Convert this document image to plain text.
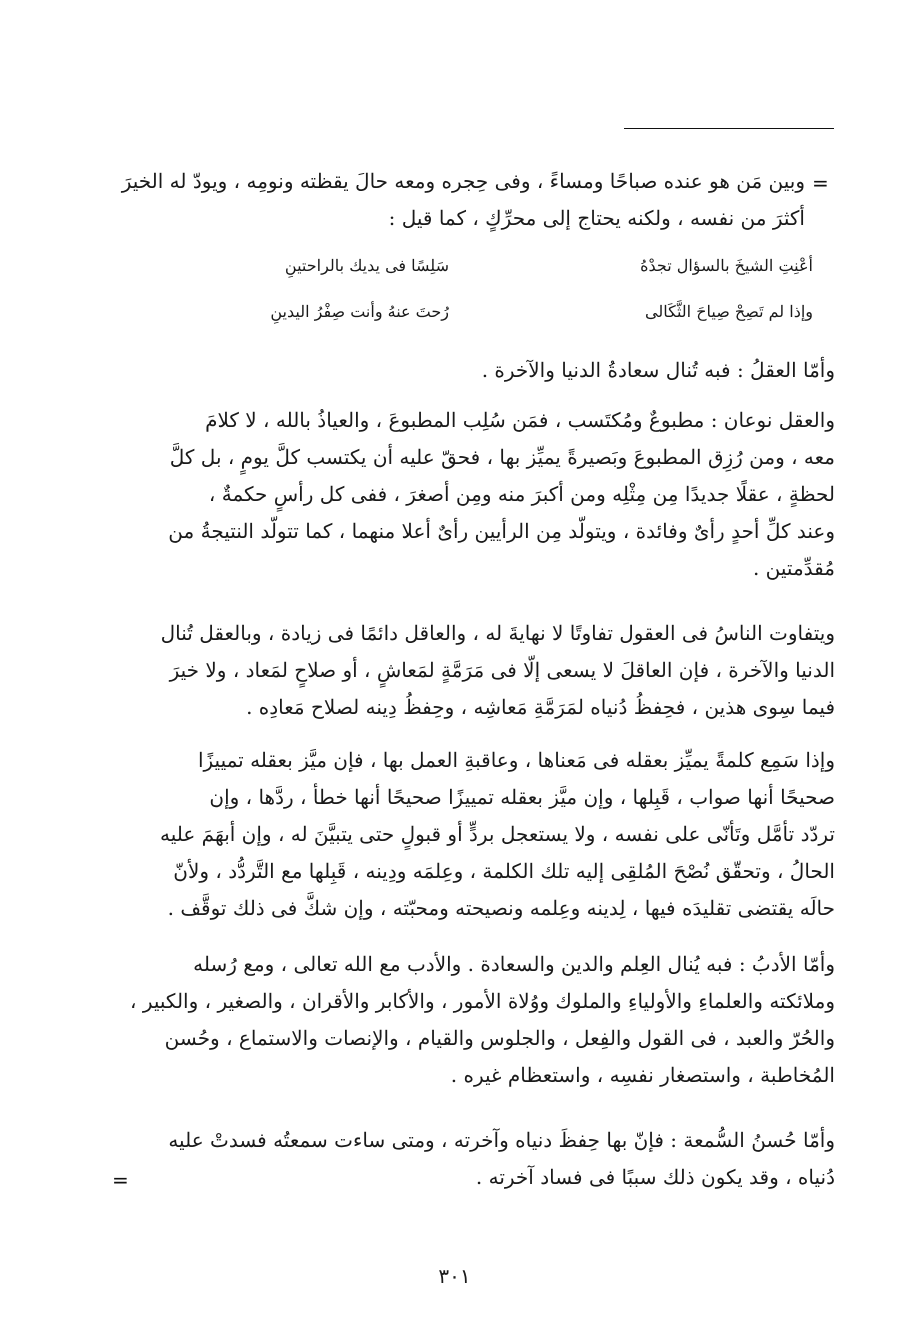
=
وبين مَن هو عنده صباحًا ومساءً ، وفى حِجره ومعه حالَ يقظته ونومِه ، ويودّ له الخيرَ
أكثرَ من نفسه ، ولكنه يحتاج إلى محرِّكٍ ، كما قيل :
أعْنِتِ الشيخَ بالسؤال تجدْهُ
سَلِسًا فى يديك بالراحتينِ
وإذا لم تَصِحْ صِياحَ الثَّكَالى
رُحتَ عنهُ وأنت صِفْرُ اليدينِ
وأمّا العقلُ : فبه تُنال سعادةُ الدنيا والآخرة .
والعقل نوعان : مطبوعٌ ومُكتَسب ، فمَن سُلِب المطبوعَ ، والعياذُ بالله ، لا كلامَ
معه ، ومن رُزِق المطبوعَ وبَصيرةً يميِّز بها ، فحقّ عليه أن يكتسب كلَّ يومٍ ، بل كلَّ
لحظةٍ ، عقلًا جديدًا مِن مِثْلِه ومن أكبرَ منه ومِن أصغرَ ، ففى كل رأسٍ حكمةٌ ،
وعند كلِّ أحدٍ رأىٌ وفائدة ، ويتولّد مِن الرأيين رأىٌ أعلا منهما ، كما تتولّد النتيجةُ من
مُقدِّمتين .
ويتفاوت الناسُ فى العقول تفاوتًا لا نهايةَ له ، والعاقل دائمًا فى زيادة ، وبالعقل تُنال
الدنيا والآخرة ، فإن العاقلَ لا يسعى إلّا فى مَرَمَّةٍ لمَعاشٍ ، أو صلاحٍ لمَعاد ، ولا خيرَ
فيما سِوى هذين ، فحِفظُ دُنياه لمَرَمَّةِ مَعاشِه ، وحِفظُ دِينه لصلاح مَعادِه .
وإذا سَمِع كلمةً يميِّز بعقله فى مَعناها ، وعاقبةِ العمل بها ، فإن ميَّز بعقله تمييزًا
صحيحًا أنها صواب ، قَبِلها ، وإن ميَّز بعقله تمييزًا صحيحًا أنها خطأ ، ردَّها ، وإن
تردّد تأمَّل وتَأنّى على نفسه ، ولا يستعجل بردٍّ أو قبولٍ حتى يتبيَّنَ له ، وإن أبهَمَ عليه
الحالُ ، وتحقّق نُصْحَ المُلقِى إليه تلك الكلمة ، وعِلمَه ودِينه ، قَبِلها مع التَّردُّد ، ولأنّ
حالَه يقتضى تقليدَه فيها ، لِدينه وعِلمه ونصيحته ومحبّته ، وإن شكَّ فى ذلك توقَّف .
وأمّا الأدبُ : فبه يُنال العِلم والدين والسعادة . والأدب مع الله تعالى ، ومع رُسله
وملائكته والعلماءِ والأولياءِ والملوك ووُلاة الأمور ، والأكابر والأقران ، والصغير ، والكبير ،
والحُرّ والعبد ، فى القول والفِعل ، والجلوس والقيام ، والإنصات والاستماع ، وحُسن
المُخاطبة ، واستصغار نفسِه ، واستعظام غيره .
وأمّا حُسنُ السُّمعة : فإنّ بها حِفظَ دنياه وآخرته ، ومتى ساءت سمعتُه فسدتْ عليه
دُنياه ، وقد يكون ذلك سببًا فى فساد آخرته .
=
٣٠١
